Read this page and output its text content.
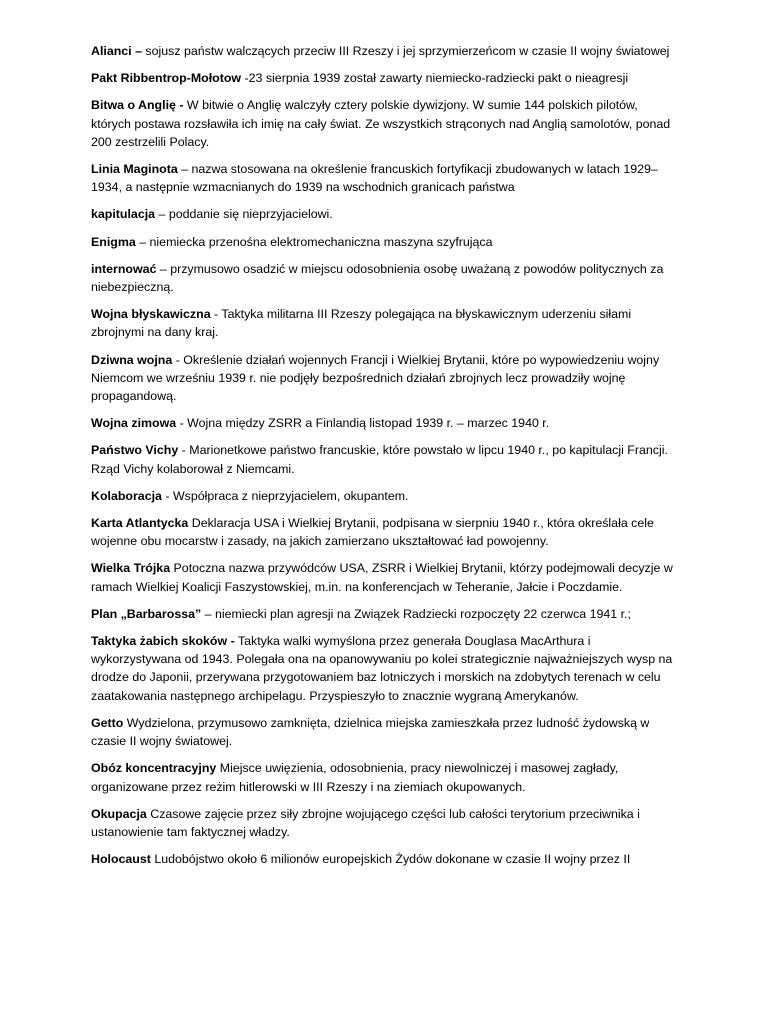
Alianci – sojusz państw walczących przeciw III Rzeszy i jej sprzymierzeńcom w czasie II wojny światowej

Pakt Ribbentrop-Mołotow -23 sierpnia 1939 został zawarty niemiecko-radziecki pakt o nieagresji

Bitwa o Anglię - W bitwie o Anglię walczyły cztery polskie dywizjony. W sumie 144 polskich pilotów, których postawa rozsławiła ich imię na cały świat. Ze wszystkich strąconych nad Anglią samolotów, ponad 200 zestrzelili Polacy.

Linia Maginota – nazwa stosowana na określenie francuskich fortyfikacji zbudowanych w latach 1929–1934, a następnie wzmacnianych do 1939 na wschodnich granicach państwa

kapitulacja – poddanie się nieprzyjacielowi.

Enigma – niemiecka przenośna elektromechaniczna maszyna szyfrująca

internować – przymusowo osadzić w miejscu odosobnienia osobę uważaną z powodów politycznych za niebezpieczną.

Wojna błyskawiczna - Taktyka militarna III Rzeszy polegająca na błyskawicznym uderzeniu siłami zbrojnymi na dany kraj.

Dziwna wojna - Określenie działań wojennych Francji i Wielkiej Brytanii, które po wypowiedzeniu wojny Niemcom we wrześniu 1939 r. nie podjęły bezpośrednich działań zbrojnych lecz prowadziły wojnę propagandową.

Wojna zimowa - Wojna między ZSRR a Finlandią listopad 1939 r. – marzec 1940 r.

Państwo Vichy - Marionetkowe państwo francuskie, które powstało w lipcu 1940 r., po kapitulacji Francji. Rząd Vichy kolaborował z Niemcami.

Kolaboracja - Współpraca z nieprzyjacielem, okupantem.

Karta Atlantycka Deklaracja USA i Wielkiej Brytanii, podpisana w sierpniu 1940 r., która określała cele wojenne obu mocarstw i zasady, na jakich zamierzano ukształtować ład powojenny.

Wielka Trójka Potoczna nazwa przywódców USA, ZSRR i Wielkiej Brytanii, którzy podejmowali decyzje w ramach Wielkiej Koalicji Faszystowskiej, m.in. na konferencjach w Teheranie, Jałcie i Poczdamie.

Plan „Barbarossa” – niemiecki plan agresji na Związek Radziecki rozpoczęty 22 czerwca 1941 r.;

Taktyka żabich skoków - Taktyka walki wymyślona przez generała Douglasa MacArthura i wykorzystywana od 1943. Polegała ona na opanowywaniu po kolei strategicznie najważniejszych wysp na drodze do Japonii, przerywana przygotowaniem baz lotniczych i morskich na zdobytych terenach w celu zaatakowania następnego archipelagu. Przyspieszyło to znacznie wygraną Amerykanów.

Getto Wydzielona, przymusowo zamknięta, dzielnica miejska zamieszkała przez ludność żydowską w czasie II wojny światowej.

Obóz koncentracyjny Miejsce uwięzienia, odosobnienia, pracy niewolniczej i masowej zagłady, organizowane przez reżim hitlerowski w III Rzeszy i na ziemiach okupowanych.

Okupacja Czasowe zajęcie przez siły zbrojne wojującego części lub całości terytorium przeciwnika i ustanowienie tam faktycznej władzy.

Holocaust Ludobójstwo około 6 milionów europejskich Żydów dokonane w czasie II wojny przez II
